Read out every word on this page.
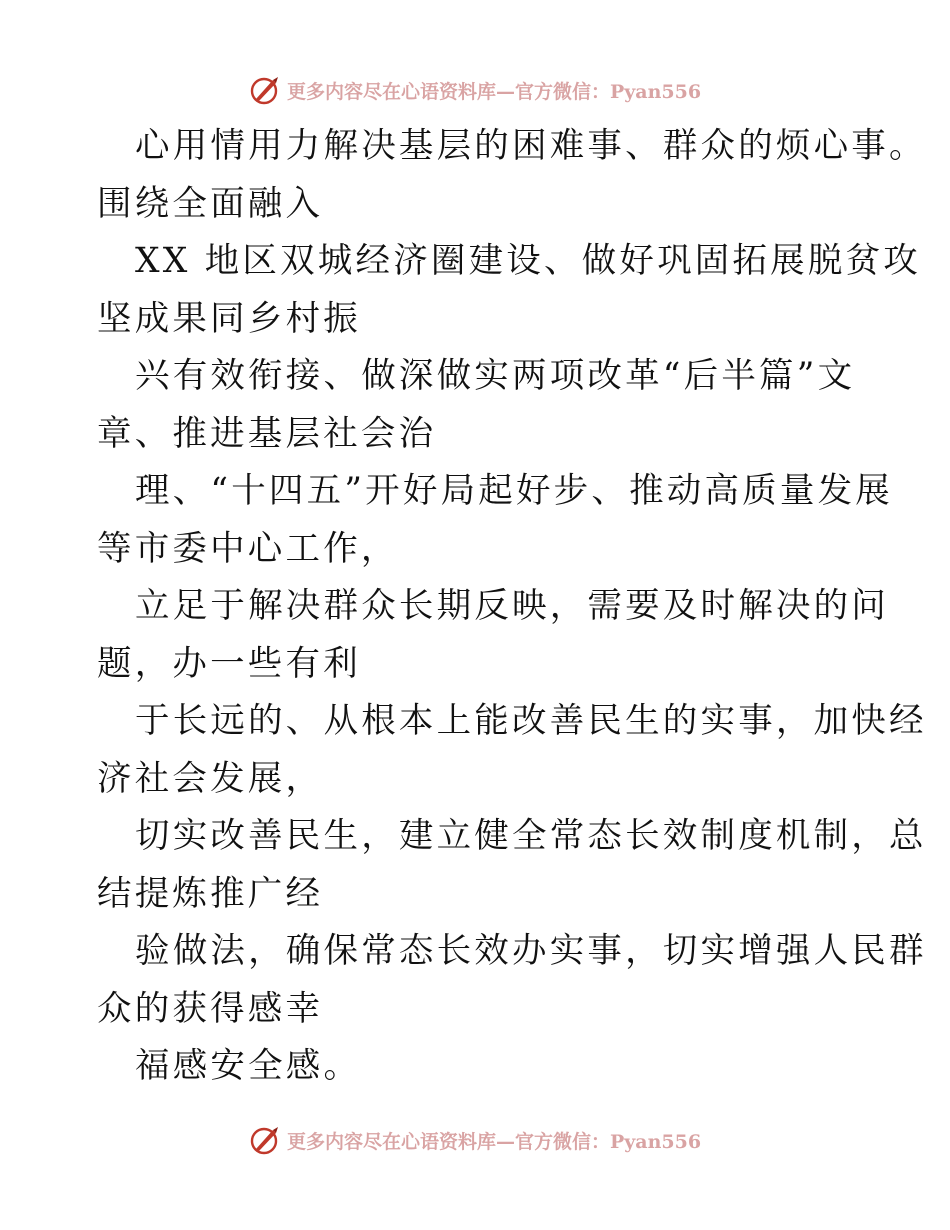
更多内容尽在心语资料库—官方微信：Pyan556
心用情用力解决基层的困难事、群众的烦心事。
围绕全面融入
XX 地区双城经济圈建设、做好巩固拓展脱贫攻
坚成果同乡村振
兴有效衔接、做深做实两项改革“后半篇”文
章、推进基层社会治
理、“十四五”开好局起好步、推动高质量发展
等市委中心工作，
立足于解决群众长期反映，需要及时解决的问
题，办一些有利
于长远的、从根本上能改善民生的实事，加快经
济社会发展，
切实改善民生，建立健全常态长效制度机制，总
结提炼推广经
验做法，确保常态长效办实事，切实增强人民群
众的获得感幸
福感安全感。
更多内容尽在心语资料库—官方微信：Pyan556
